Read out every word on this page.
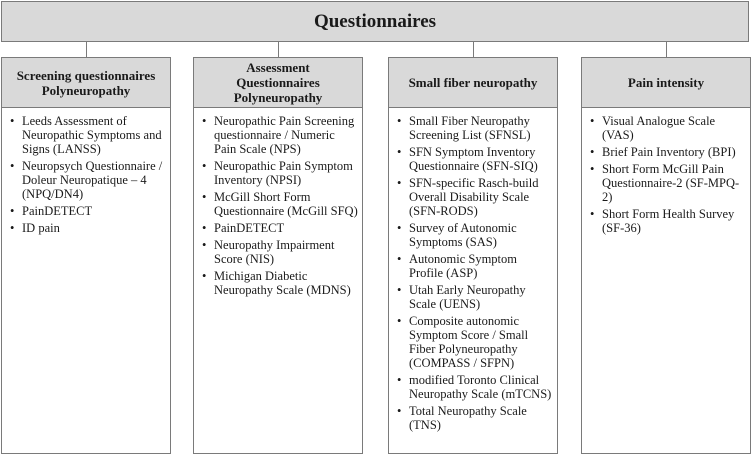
Questionnaires
Screening questionnaires
Polyneuropathy
• Leeds Assessment of Neuropathic Symptoms and Signs (LANSS)
• Neuropsych Questionnaire / Doleur Neuropatique – 4 (NPQ/DN4)
• PainDETECT
• ID pain
Assessment
Questionnaires
Polyneuropathy
• Neuropathic Pain Screening questionnaire / Numeric Pain Scale (NPS)
• Neuropathic Pain Symptom Inventory (NPSI)
• McGill Short Form Questionnaire (McGill SFQ)
• PainDETECT
• Neuropathy Impairment Score (NIS)
• Michigan Diabetic Neuropathy Scale (MDNS)
Small fiber neuropathy
• Small Fiber Neuropathy Screening List (SFNSL)
• SFN Symptom Inventory Questionnaire (SFN-SIQ)
• SFN-specific Rasch-build Overall Disability Scale (SFN-RODS)
• Survey of Autonomic Symptoms (SAS)
• Autonomic Symptom Profile (ASP)
• Utah Early Neuropathy Scale (UENS)
• Composite autonomic Symptom Score / Small Fiber Polyneuropathy (COMPASS / SFPN)
• modified Toronto Clinical Neuropathy Scale (mTCNS)
• Total Neuropathy Scale (TNS)
Pain intensity
• Visual Analogue Scale (VAS)
• Brief Pain Inventory (BPI)
• Short Form McGill Pain Questionnaire-2 (SF-MPQ-2)
• Short Form Health Survey (SF-36)
